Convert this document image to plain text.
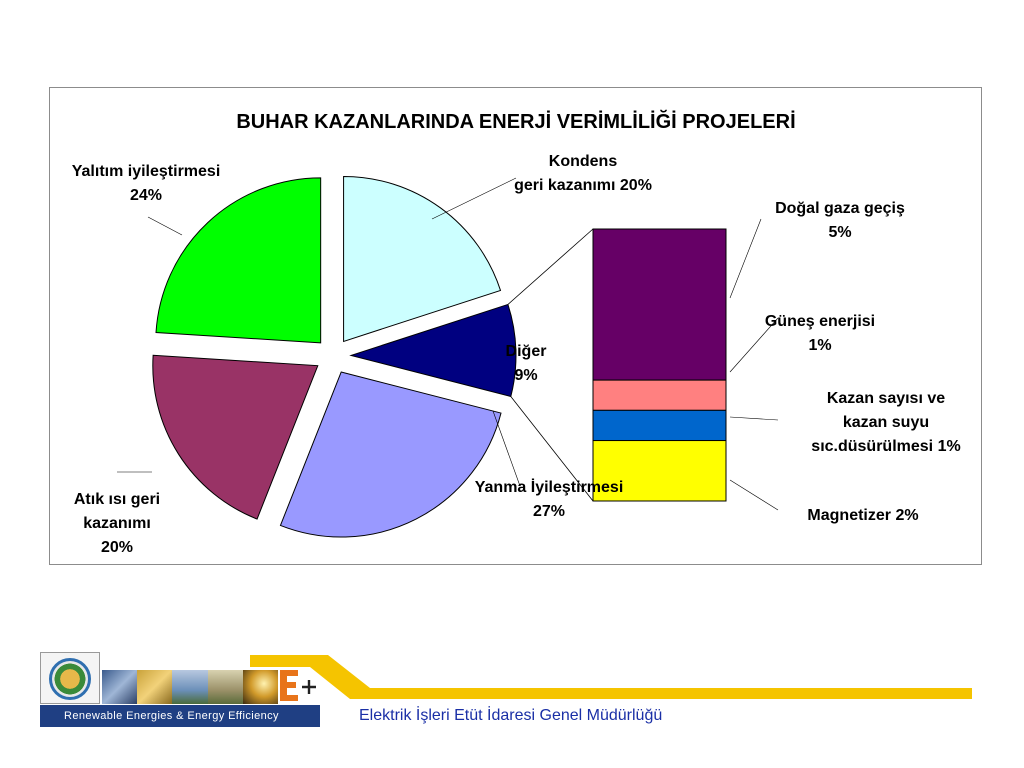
BUHAR KAZANLARINDA ENERJİ VERİMLİLİĞİ PROJELERİ
Kondens geri kazanımı 20%
Diğer 9%
Yanma İyileştirmesi 27%
Atık ısı geri kazanımı 20%
Yalıtım iyileştirmesi 24%
Doğal gaza geçiş 5%
Güneş enerjisi 1%
Kazan sayısı ve kazan suyu sıc.düsürülmesi 1%
Magnetizer 2%
Renewable Energies & Energy Efficiency	Elektrik İşleri Etüt İdaresi Genel Müdürlüğü
